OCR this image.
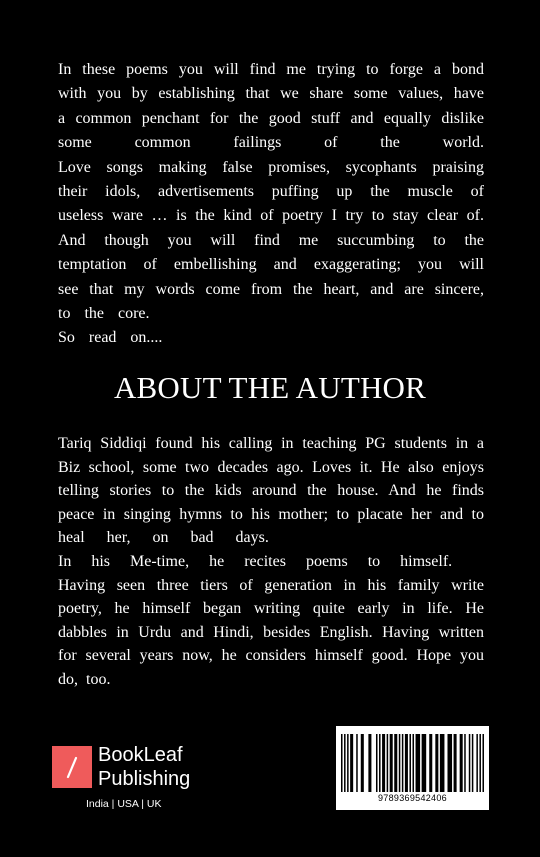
In these poems you will find me trying to forge a bond

with you by establishing that we share some values, have

a common penchant for the good stuff and equally dislike

some common failings of the world.

Love songs making false promises, sycophants praising

their idols, advertisements puffing up the muscle of

useless ware … is the kind of poetry I try to stay clear of.

And though you will find me succumbing to the

temptation of embellishing and exaggerating; you will

see that my words come from the heart, and are sincere,

to the core.

So read on....

ABOUT THE AUTHOR

Tariq Siddiqi found his calling in teaching PG students in a

Biz school, some two decades ago. Loves it. He also enjoys

telling stories to the kids around the house. And he finds

peace in singing hymns to his mother; to placate her and to

heal her, on bad days.

In his Me-time, he recites poems to himself.

Having seen three tiers of generation in his family write

poetry, he himself began writing quite early in life. He

dabbles in Urdu and Hindi, besides English. Having written

for several years now, he considers himself good. Hope you

do, too.

BookLeaf
Publishing
India | USA | UK	9789369542406
